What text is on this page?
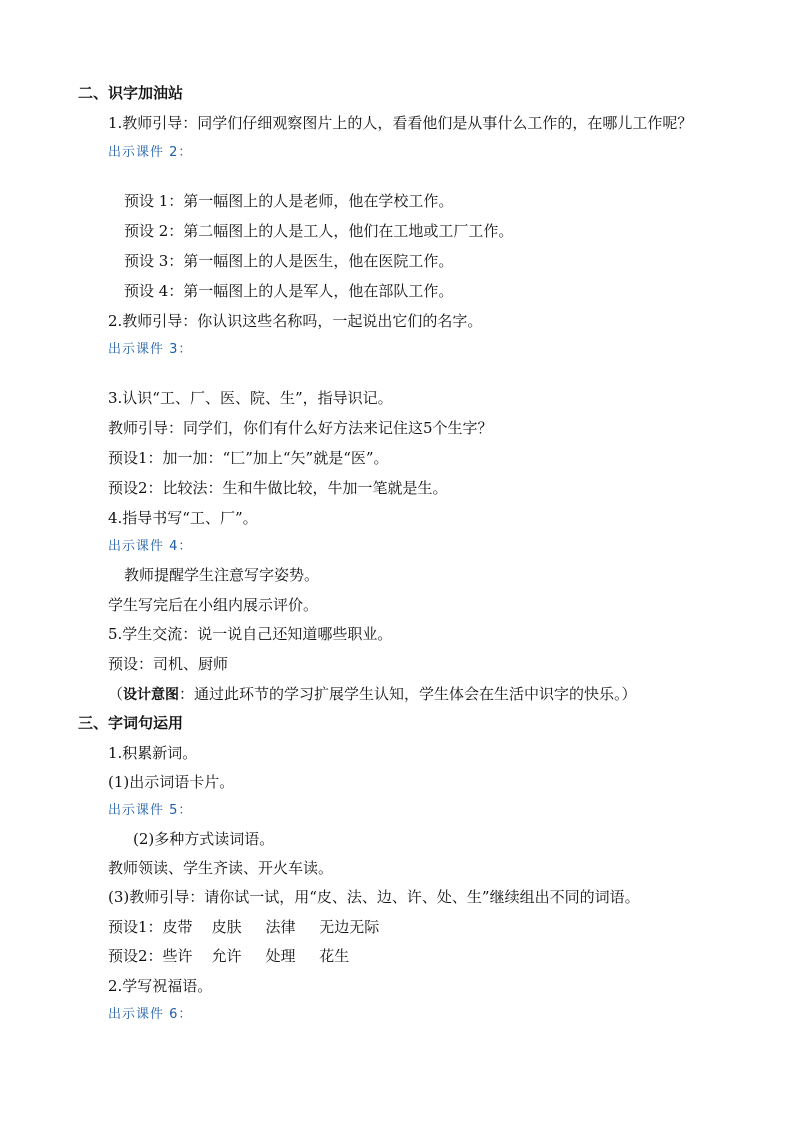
二、识字加油站
1.教师引导：同学们仔细观察图片上的人，看看他们是从事什么工作的，在哪儿工作呢？
出示课件 2：
预设 1：第一幅图上的人是老师，他在学校工作。
预设 2：第二幅图上的人是工人，他们在工地或工厂工作。
预设 3：第一幅图上的人是医生，他在医院工作。
预设 4：第一幅图上的人是军人，他在部队工作。
2.教师引导：你认识这些名称吗，一起说出它们的名字。
出示课件 3：
3.认识“工、厂、医、院、生”，指导识记。
教师引导：同学们，你们有什么好方法来记住这5个生字？
预设1：加一加：“匚”加上“矢”就是“医”。
预设2：比较法：生和牛做比较，牛加一笔就是生。
4.指导书写“工、厂”。
出示课件 4：
教师提醒学生注意写字姿势。
学生写完后在小组内展示评价。
5.学生交流：说一说自己还知道哪些职业。
预设：司机、厨师
（设计意图：通过此环节的学习扩展学生认知，学生体会在生活中识字的快乐。）
三、字词句运用
1.积累新词。
(1)出示词语卡片。
出示课件 5：
(2)多种方式读词语。
教师领读、学生齐读、开火车读。
(3)教师引导：请你试一试，用“皮、法、边、许、处、生”继续组出不同的词语。
预设1：皮带    皮肤     法律     无边无际
预设2：些许    允许     处理     花生
2.学写祝福语。
出示课件 6：
